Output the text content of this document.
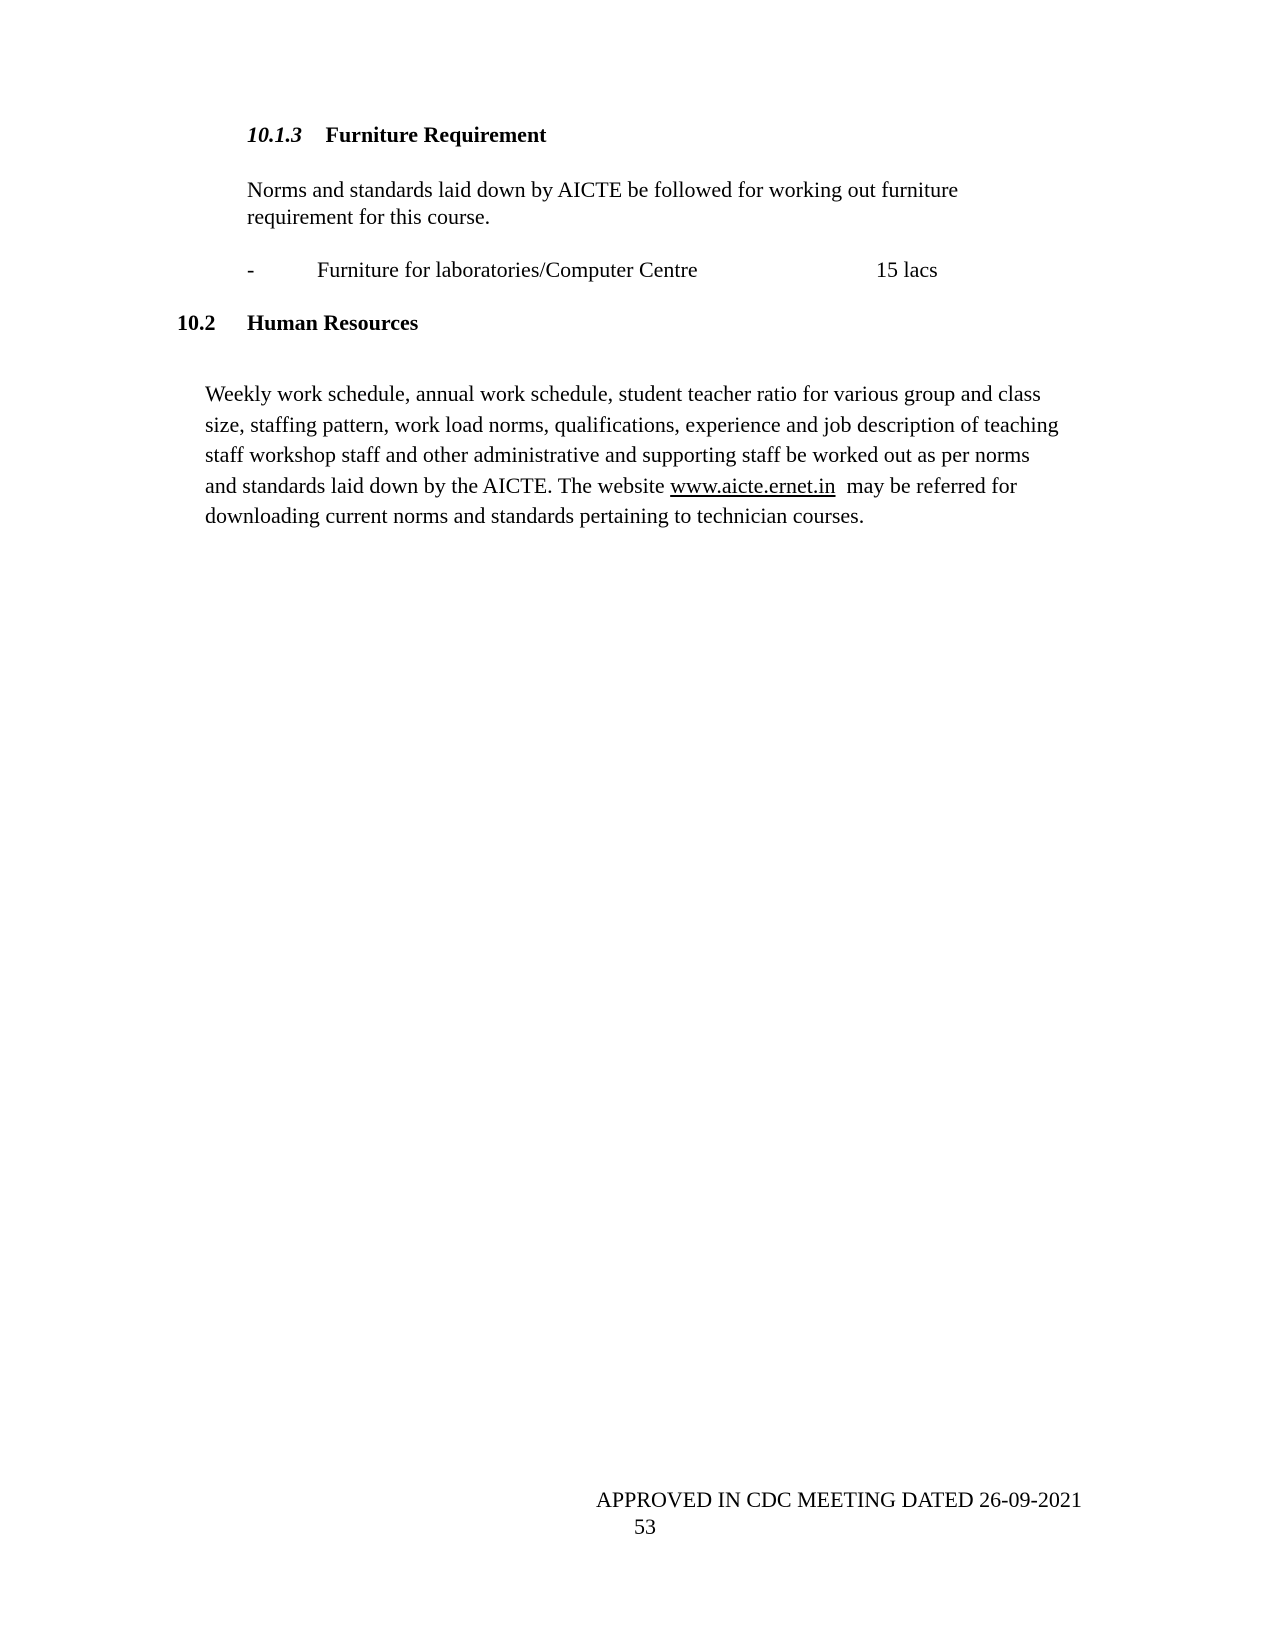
10.1.3 Furniture Requirement
Norms and standards laid down by AICTE be followed for working out furniture
requirement for this course.
-	Furniture for laboratories/Computer Centre	15 lacs
10.2 Human Resources
Weekly work schedule, annual work schedule, student teacher ratio for various group and class
size, staffing pattern, work load norms, qualifications, experience and job description of teaching
staff workshop staff and other administrative and supporting staff be worked out as per norms
and standards laid down by the AICTE. The website www.aicte.ernet.in  may be referred for
downloading current norms and standards pertaining to technician courses.
APPROVED IN CDC MEETING DATED 26-09-2021
53
